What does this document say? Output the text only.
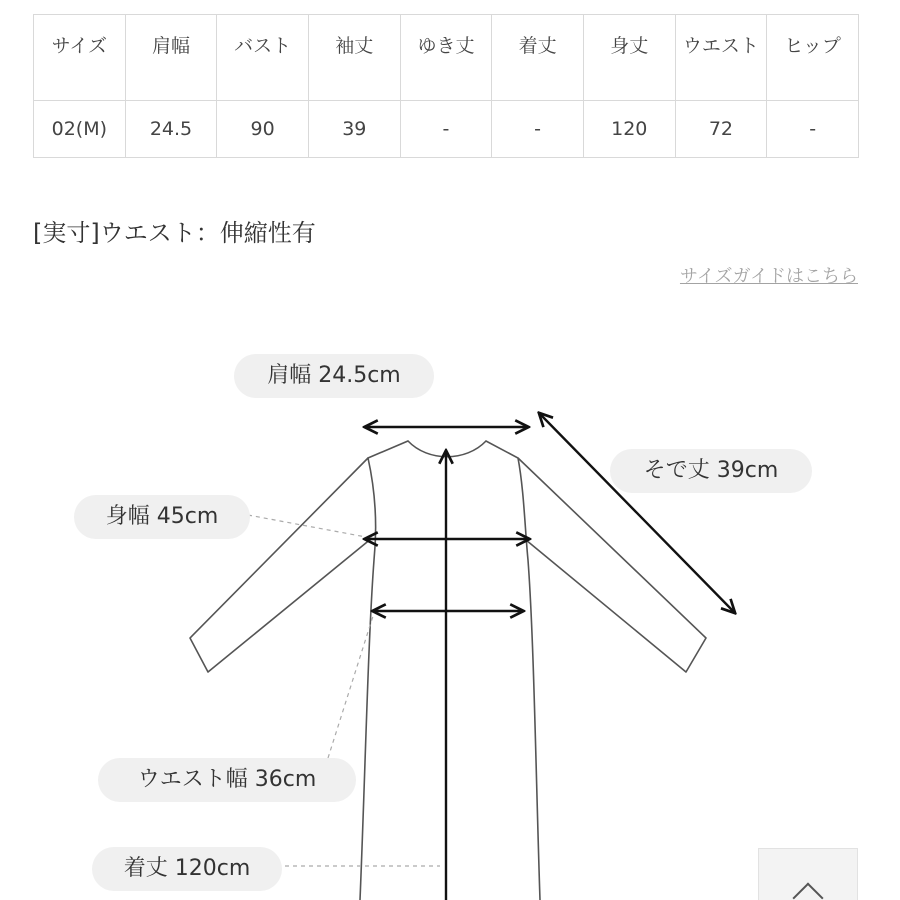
サイズ	肩幅	バスト	袖丈	ゆき丈	着丈	身丈	ウエスト	ヒップ
02(M)	24.5	90	39	-	-	120	72	-
[実寸]ウエスト：伸縮性有
サイズガイドはこちら
肩幅 24.5cm
そで丈 39cm
身幅 45cm
ウエスト幅 36cm
着丈 120cm
